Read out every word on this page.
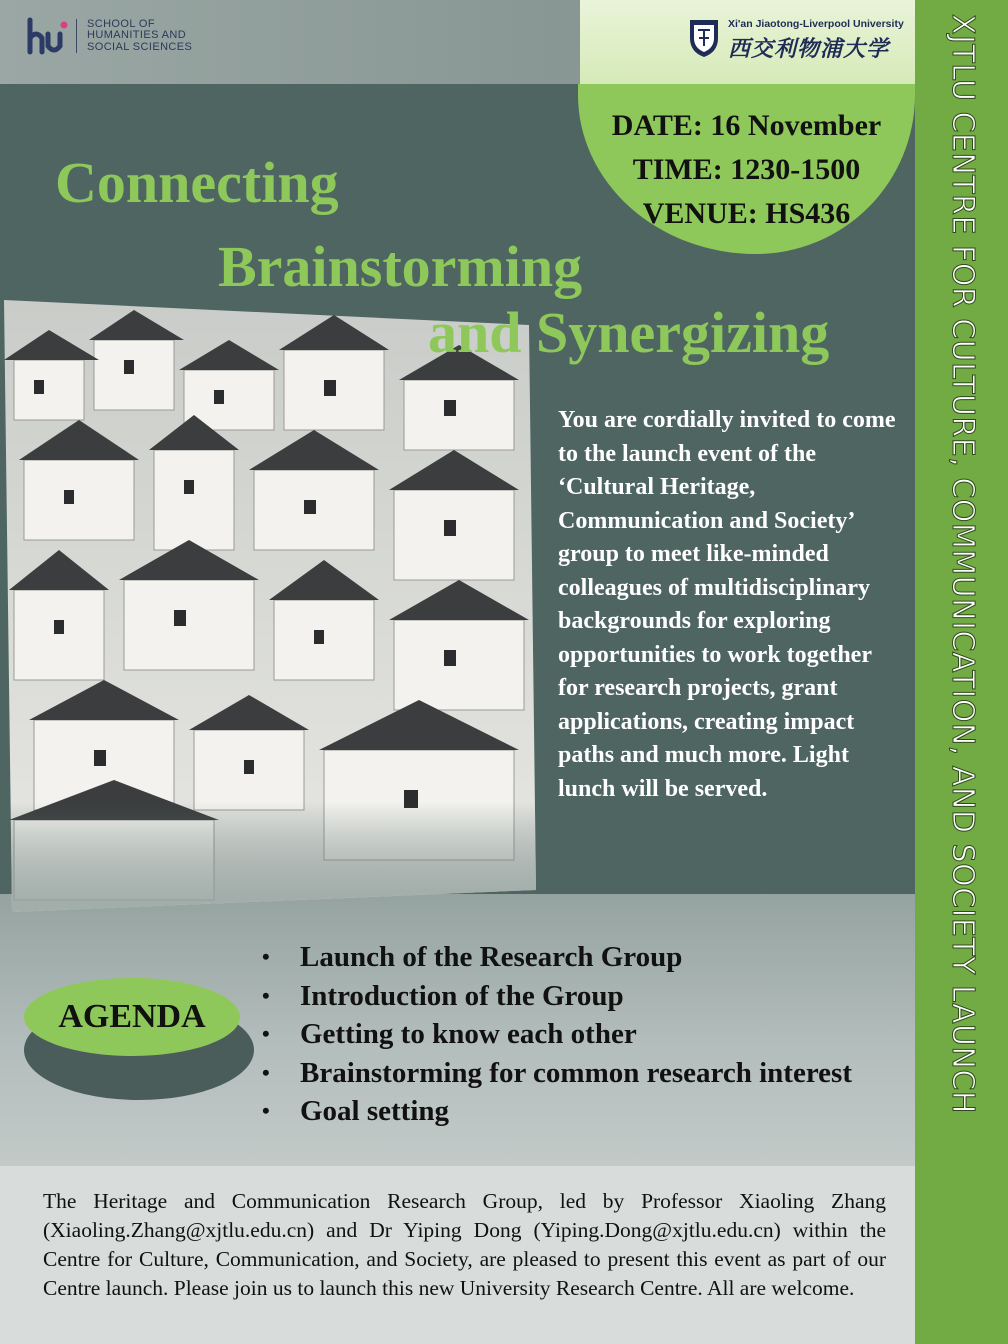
SCHOOL OF
HUMANITIES AND
SOCIAL SCIENCES
Xi'an Jiaotong-Liverpool University
西交利物浦大学
DATE: 16 November
TIME: 1230-1500
VENUE: HS436
Connecting
Brainstorming
and Synergizing
You are cordially invited to come to the launch event of the ‘Cultural Heritage, Communication and Society’ group to meet like-minded colleagues of multidisciplinary backgrounds for exploring opportunities to work together for research projects, grant applications, creating impact paths and much more. Light lunch will be served.
AGENDA
•	Launch of the Research Group
•	Introduction of the Group
•	Getting to know each other
•	Brainstorming for common research interest
•	Goal setting
The Heritage and Communication Research Group, led by Professor Xiaoling Zhang (Xiaoling.Zhang@xjtlu.edu.cn) and Dr Yiping Dong (Yiping.Dong@xjtlu.edu.cn) within the Centre for Culture, Communication, and Society, are pleased to present this event as part of our Centre launch. Please join us to launch this new University Research Centre. All are welcome.
XJTLU CENTRE FOR CULTURE, COMMUNICATION, AND SOCIETY LAUNCH
